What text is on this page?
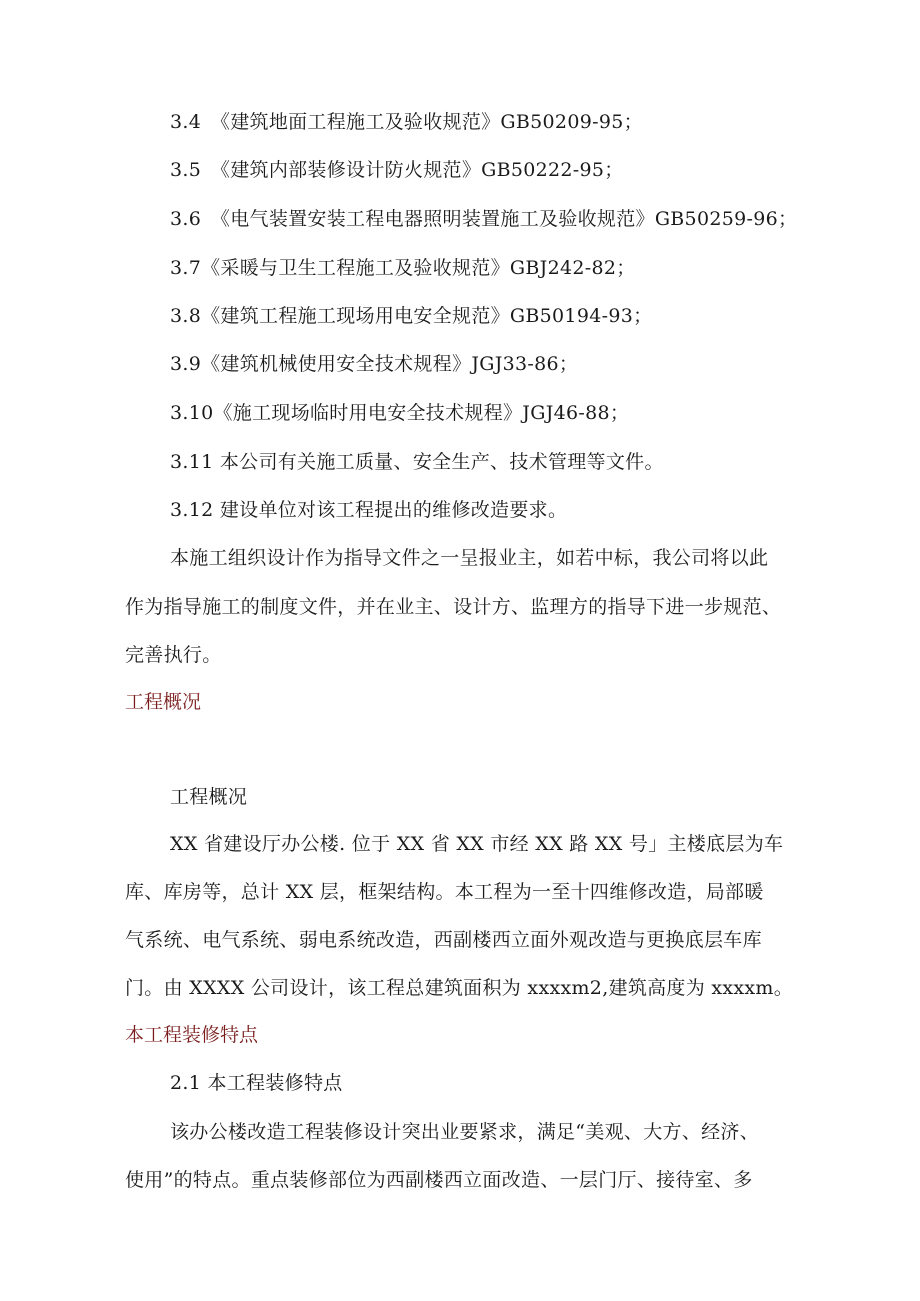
3.4　《建筑地面工程施工及验收规范》GB50209-95；
3.5　《建筑内部装修设计防火规范》GB50222-95；
3.6　《电气装置安装工程电器照明装置施工及验收规范》GB50259-96；
3.7《采暖与卫生工程施工及验收规范》GBJ242-82；
3.8《建筑工程施工现场用电安全规范》GB50194-93；
3.9《建筑机械使用安全技术规程》JGJ33-86；
3.10《施工现场临时用电安全技术规程》JGJ46-88；
3.11 本公司有关施工质量、安全生产、技术管理等文件。
3.12 建设单位对该工程提出的维修改造要求。
本施工组织设计作为指导文件之一呈报业主，如若中标，我公司将以此
作为指导施工的制度文件，并在业主、设计方、监理方的指导下进一步规范、
完善执行。
工程概况
工程概况
XX 省建设厅办公楼. 位于 XX 省 XX 市经 XX 路 XX 号」主楼底层为车
库、库房等，总计 XX 层，框架结构。本工程为一至十四维修改造，局部暖
气系统、电气系统、弱电系统改造，西副楼西立面外观改造与更换底层车库
门。由 XXXX 公司设计，该工程总建筑面积为 xxxxm2,建筑高度为 xxxxm。
本工程装修特点
2.1 本工程装修特点
该办公楼改造工程装修设计突出业要紧求，满足“美观、大方、经济、
使用”的特点。重点装修部位为西副楼西立面改造、一层门厅、接待室、多
